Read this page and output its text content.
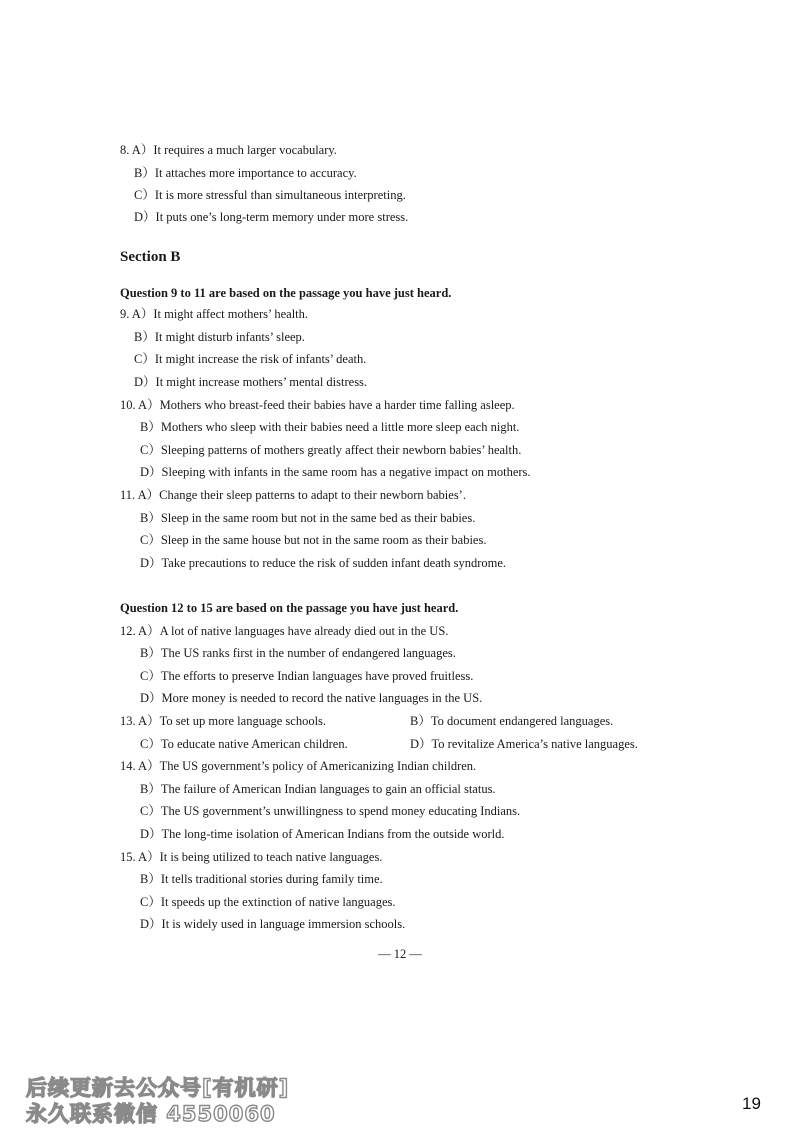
8. A）It requires a much larger vocabulary.
B）It attaches more importance to accuracy.
C）It is more stressful than simultaneous interpreting.
D）It puts one’s long-term memory under more stress.
Section B
Question 9 to 11 are based on the passage you have just heard.
9. A）It might affect mothers’ health.
B）It might disturb infants’ sleep.
C）It might increase the risk of infants’ death.
D）It might increase mothers’ mental distress.
10. A）Mothers who breast-feed their babies have a harder time falling asleep.
B）Mothers who sleep with their babies need a little more sleep each night.
C）Sleeping patterns of mothers greatly affect their newborn babies’ health.
D）Sleeping with infants in the same room has a negative impact on mothers.
11. A）Change their sleep patterns to adapt to their newborn babies’.
B）Sleep in the same room but not in the same bed as their babies.
C）Sleep in the same house but not in the same room as their babies.
D）Take precautions to reduce the risk of sudden infant death syndrome.
Question 12 to 15 are based on the passage you have just heard.
12. A）A lot of native languages have already died out in the US.
B）The US ranks first in the number of endangered languages.
C）The efforts to preserve Indian languages have proved fruitless.
D）More money is needed to record the native languages in the US.
13. A）To set up more language schools.	B）To document endangered languages.
C）To educate native American children.	D）To revitalize America’s native languages.
14. A）The US government’s policy of Americanizing Indian children.
B）The failure of American Indian languages to gain an official status.
C）The US government’s unwillingness to spend money educating Indians.
D）The long-time isolation of American Indians from the outside world.
15. A）It is being utilized to teach native languages.
B）It tells traditional stories during family time.
C）It speeds up the extinction of native languages.
D）It is widely used in language immersion schools.
— 12 —
后续更新去公众号[有机研]
永久联系微信 4550060	19
